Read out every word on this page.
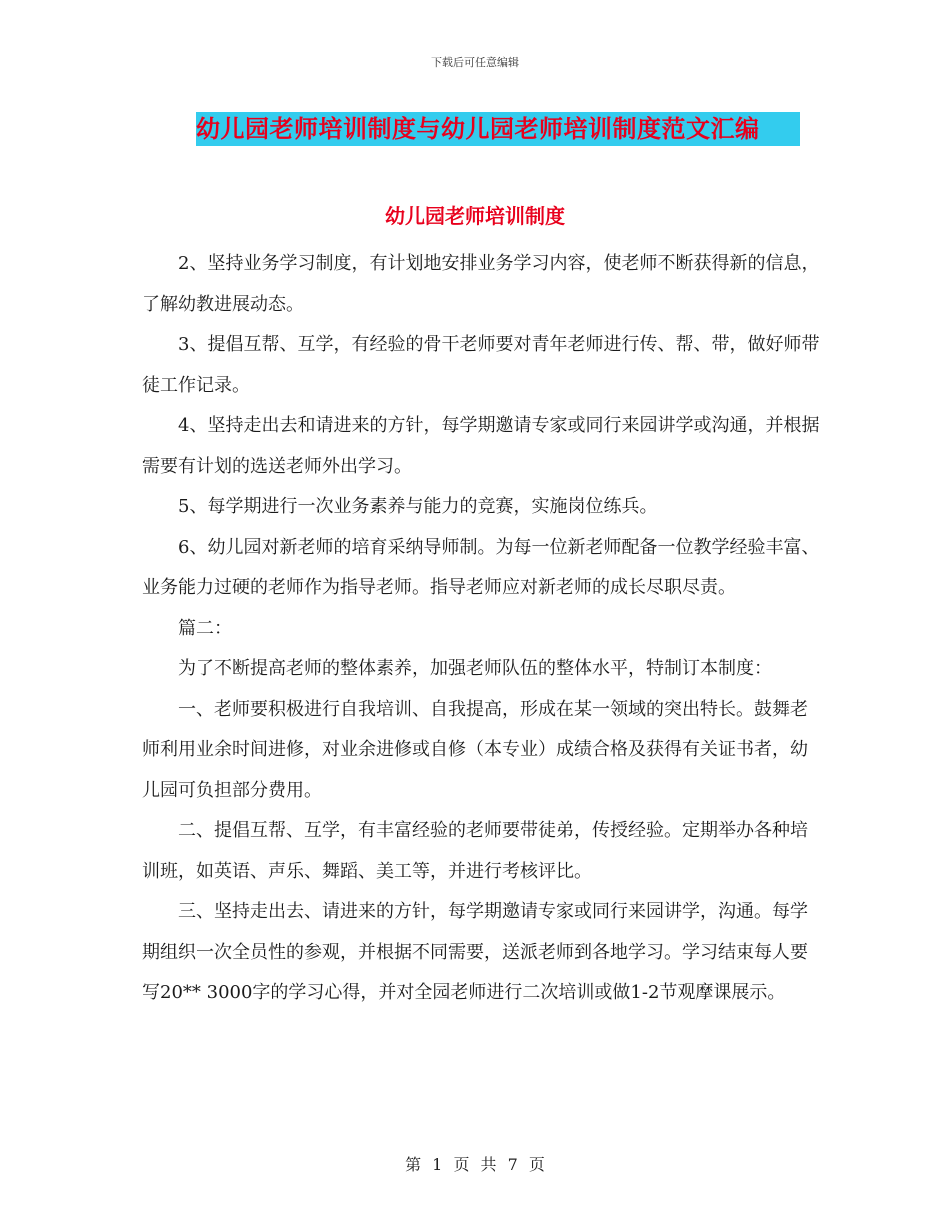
下载后可任意编辑
幼儿园老师培训制度与幼儿园老师培训制度范文汇编
幼儿园老师培训制度

2、坚持业务学习制度，有计划地安排业务学习内容，使老师不断获得新的信息，了解幼教进展动态。

3、提倡互帮、互学，有经验的骨干老师要对青年老师进行传、帮、带，做好师带徒工作记录。

4、坚持走出去和请进来的方针，每学期邀请专家或同行来园讲学或沟通，并根据需要有计划的选送老师外出学习。

5、每学期进行一次业务素养与能力的竞赛，实施岗位练兵。

6、幼儿园对新老师的培育采纳导师制。为每一位新老师配备一位教学经验丰富、业务能力过硬的老师作为指导老师。指导老师应对新老师的成长尽职尽责。

篇二：

为了不断提高老师的整体素养，加强老师队伍的整体水平，特制订本制度：

一、老师要积极进行自我培训、自我提高，形成在某一领域的突出特长。鼓舞老师利用业余时间进修，对业余进修或自修（本专业）成绩合格及获得有关证书者，幼儿园可负担部分费用。

二、提倡互帮、互学，有丰富经验的老师要带徒弟，传授经验。定期举办各种培训班，如英语、声乐、舞蹈、美工等，并进行考核评比。

三、坚持走出去、请进来的方针，每学期邀请专家或同行来园讲学，沟通。每学期组织一次全员性的参观，并根据不同需要，送派老师到各地学习。学习结束每人要写20** 3000字的学习心得，并对全园老师进行二次培训或做1-2节观摩课展示。

第 1 页 共 7 页
